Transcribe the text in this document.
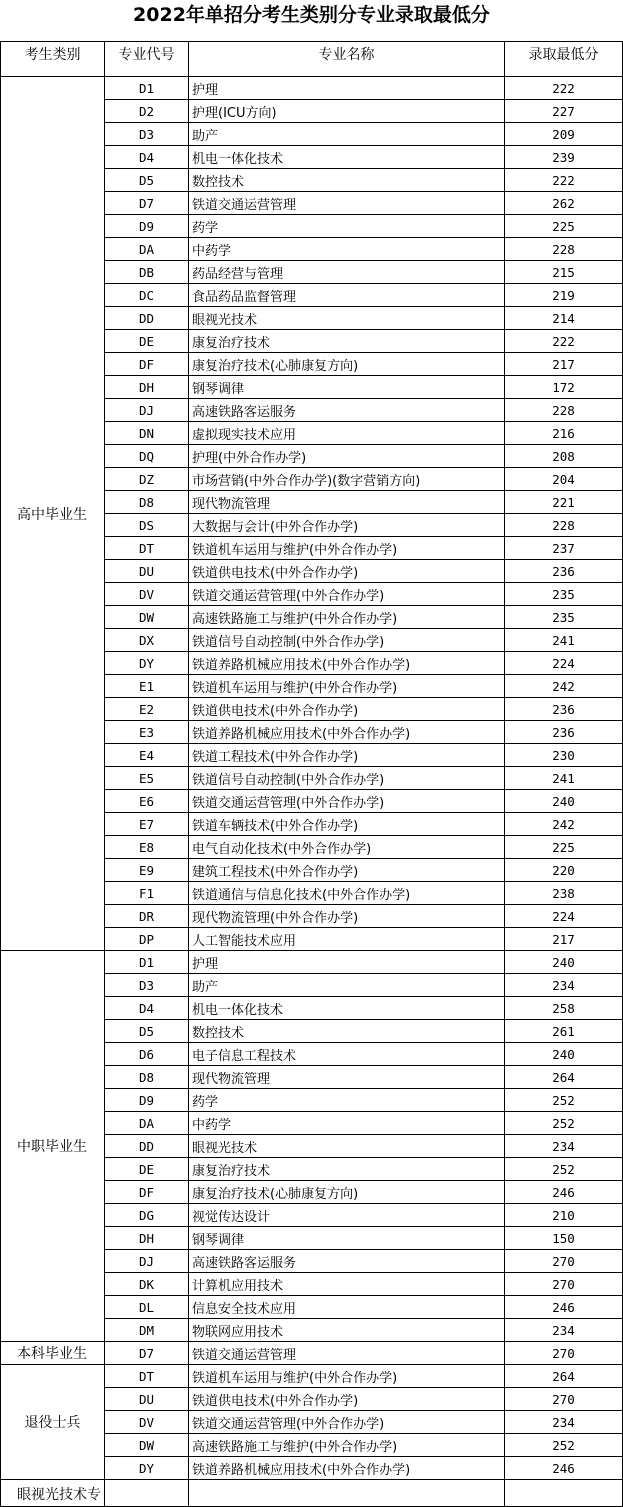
2022年单招分考生类别分专业录取最低分
考生类别	专业代号	专业名称	录取最低分
高中毕业生	D1	护理	222
	D2	护理(ICU方向)	227
	D3	助产	209
	D4	机电一体化技术	239
	D5	数控技术	222
	D7	铁道交通运营管理	262
	D9	药学	225
	DA	中药学	228
	DB	药品经营与管理	215
	DC	食品药品监督管理	219
	DD	眼视光技术	214
	DE	康复治疗技术	222
	DF	康复治疗技术(心肺康复方向)	217
	DH	钢琴调律	172
	DJ	高速铁路客运服务	228
	DN	虚拟现实技术应用	216
	DQ	护理(中外合作办学)	208
	DZ	市场营销(中外合作办学)(数字营销方向)	204
	D8	现代物流管理	221
	DS	大数据与会计(中外合作办学)	228
	DT	铁道机车运用与维护(中外合作办学)	237
	DU	铁道供电技术(中外合作办学)	236
	DV	铁道交通运营管理(中外合作办学)	235
	DW	高速铁路施工与维护(中外合作办学)	235
	DX	铁道信号自动控制(中外合作办学)	241
	DY	铁道养路机械应用技术(中外合作办学)	224
	E1	铁道机车运用与维护(中外合作办学)	242
	E2	铁道供电技术(中外合作办学)	236
	E3	铁道养路机械应用技术(中外合作办学)	236
	E4	铁道工程技术(中外合作办学)	230
	E5	铁道信号自动控制(中外合作办学)	241
	E6	铁道交通运营管理(中外合作办学)	240
	E7	铁道车辆技术(中外合作办学)	242
	E8	电气自动化技术(中外合作办学)	225
	E9	建筑工程技术(中外合作办学)	220
	F1	铁道通信与信息化技术(中外合作办学)	238
	DR	现代物流管理(中外合作办学)	224
	DP	人工智能技术应用	217
中职毕业生	D1	护理	240
	D3	助产	234
	D4	机电一体化技术	258
	D5	数控技术	261
	D6	电子信息工程技术	240
	D8	现代物流管理	264
	D9	药学	252
	DA	中药学	252
	DD	眼视光技术	234
	DE	康复治疗技术	252
	DF	康复治疗技术(心肺康复方向)	246
	DG	视觉传达设计	210
	DH	钢琴调律	150
	DJ	高速铁路客运服务	270
	DK	计算机应用技术	270
	DL	信息安全技术应用	246
	DM	物联网应用技术	234
本科毕业生	D7	铁道交通运营管理	270
退役士兵	DT	铁道机车运用与维护(中外合作办学)	264
	DU	铁道供电技术(中外合作办学)	270
	DV	铁道交通运营管理(中外合作办学)	234
	DW	高速铁路施工与维护(中外合作办学)	252
	DY	铁道养路机械应用技术(中外合作办学)	246
眼视光技术专			
